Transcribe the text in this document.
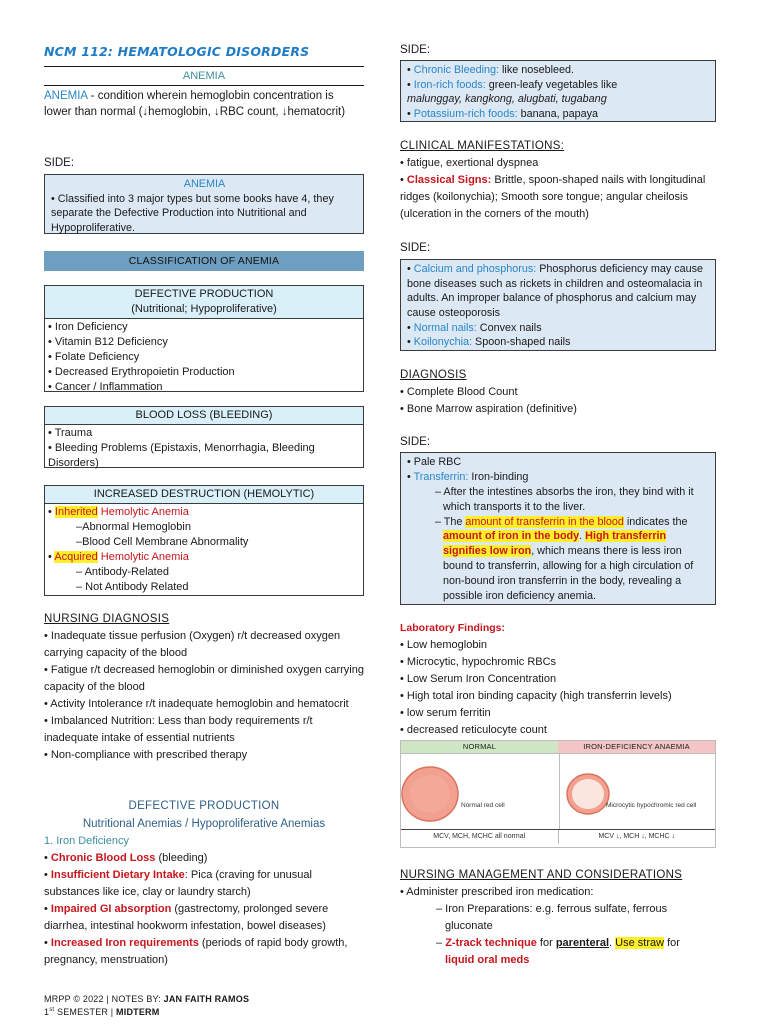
NCM 112: HEMATOLOGIC DISORDERS
ANEMIA
ANEMIA - condition wherein hemoglobin concentration is lower than normal (↓hemoglobin, ↓RBC count, ↓hematocrit)
SIDE:
ANEMIA
• Classified into 3 major types but some books have 4, they separate the Defective Production into Nutritional and Hypoproliferative.
CLASSIFICATION OF ANEMIA
DEFECTIVE PRODUCTION
(Nutritional; Hypoproliferative)
• Iron Deficiency
• Vitamin B12 Deficiency
• Folate Deficiency
• Decreased Erythropoietin Production
• Cancer / Inflammation
BLOOD LOSS (BLEEDING)
• Trauma
• Bleeding Problems (Epistaxis, Menorrhagia, Bleeding Disorders)
INCREASED DESTRUCTION (HEMOLYTIC)
• Inherited Hemolytic Anemia
–Abnormal Hemoglobin
–Blood Cell Membrane Abnormality
• Acquired Hemolytic Anemia
– Antibody-Related
– Not Antibody Related
NURSING DIAGNOSIS
• Inadequate tissue perfusion (Oxygen) r/t decreased oxygen carrying capacity of the blood
• Fatigue r/t decreased hemoglobin or diminished oxygen carrying capacity of the blood
• Activity Intolerance r/t inadequate hemoglobin and hematocrit
• Imbalanced Nutrition: Less than body requirements r/t inadequate intake of essential nutrients
• Non-compliance with prescribed therapy
DEFECTIVE PRODUCTION
Nutritional Anemias / Hypoproliferative Anemias
1. Iron Deficiency
• Chronic Blood Loss (bleeding)
• Insufficient Dietary Intake: Pica (craving for unusual substances like ice, clay or laundry starch)
• Impaired GI absorption (gastrectomy, prolonged severe diarrhea, intestinal hookworm infestation, bowel diseases)
• Increased Iron requirements (periods of rapid body growth, pregnancy, menstruation)
SIDE:
• Chronic Bleeding: like nosebleed.
• Iron-rich foods: green-leafy vegetables like
malunggay, kangkong, alugbati, tugabang
• Potassium-rich foods: banana, papaya
CLINICAL MANIFESTATIONS:
• fatigue, exertional dyspnea
• Classical Signs: Brittle, spoon-shaped nails with longitudinal ridges (koilonychia); Smooth sore tongue; angular cheilosis (ulceration in the corners of the mouth)
SIDE:
• Calcium and phosphorus: Phosphorus deficiency may cause bone diseases such as rickets in children and osteomalacia in adults. An improper balance of phosphorus and calcium may cause osteoporosis
• Normal nails: Convex nails
• Koilonychia: Spoon-shaped nails
DIAGNOSIS
• Complete Blood Count
• Bone Marrow aspiration (definitive)
SIDE:
• Pale RBC
• Transferrin: Iron-binding
– After the intestines absorbs the iron, they bind with it which transports it to the liver.
– The amount of transferrin in the blood indicates the amount of iron in the body. High transferrin signifies low iron, which means there is less iron bound to transferrin, allowing for a high circulation of non-bound iron transferrin in the body, revealing a possible iron deficiency anemia.
Laboratory Findings:
• Low hemoglobin
• Microcytic, hypochromic RBCs
• Low Serum Iron Concentration
• High total iron binding capacity (high transferrin levels)
• low serum ferritin
• decreased reticulocyte count
NORMAL	IRON-DEFICIENCY ANAEMIA
Normal red cell	Microcytic hypochromic red cell
MCV, MCH, MCHC all normal	MCV ↓, MCH ↓, MCHC ↓
NURSING MANAGEMENT AND CONSIDERATIONS
• Administer prescribed iron medication:
– Iron Preparations: e.g. ferrous sulfate, ferrous gluconate
– Z-track technique for parenteral. Use straw for
liquid oral meds
MRPP © 2022 | NOTES BY: JAN FAITH RAMOS
1st SEMESTER | MIDTERM
